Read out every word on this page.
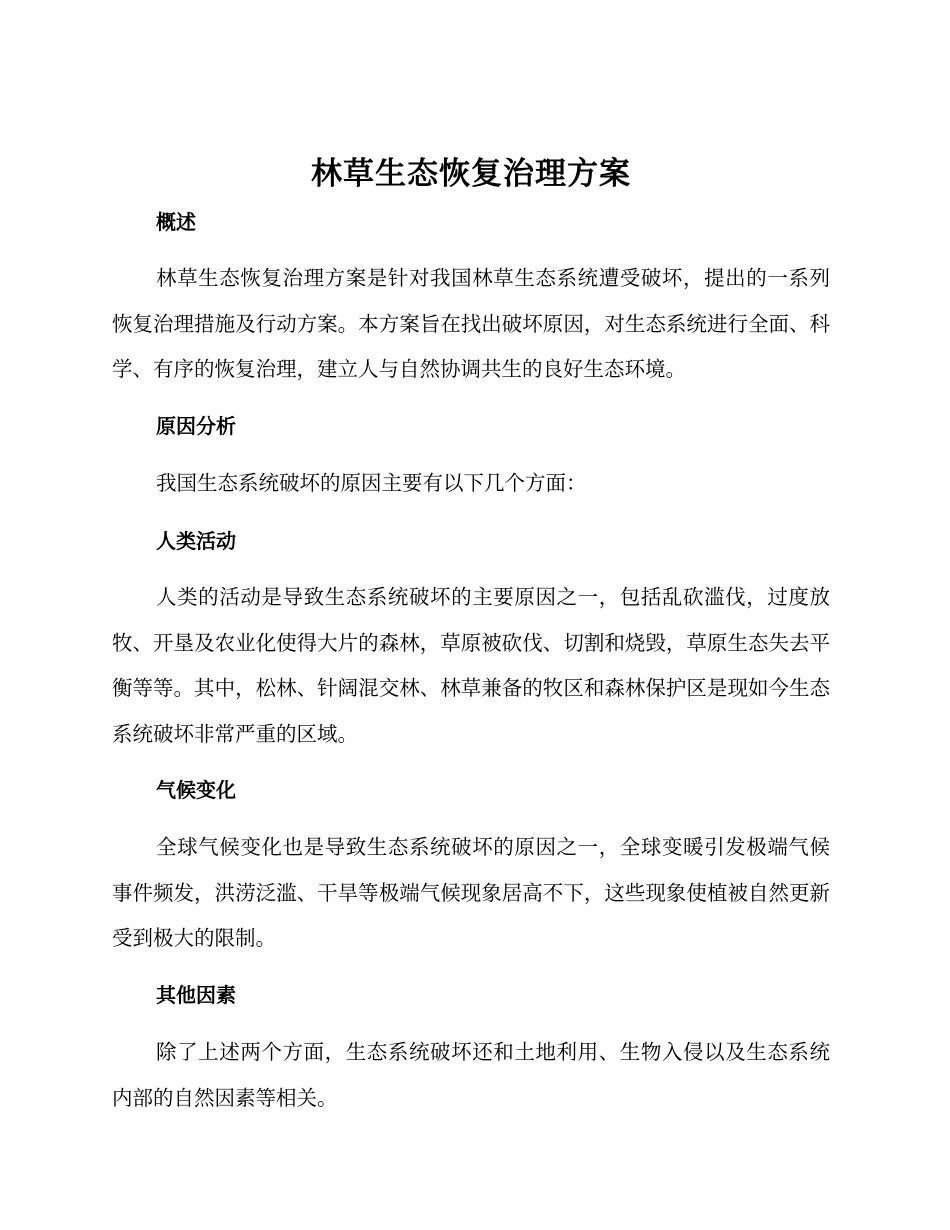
林草生态恢复治理方案
概述

林草生态恢复治理方案是针对我国林草生态系统遭受破坏，提出的一系列恢复治理措施及行动方案。本方案旨在找出破坏原因，对生态系统进行全面、科学、有序的恢复治理，建立人与自然协调共生的良好生态环境。

原因分析

我国生态系统破坏的原因主要有以下几个方面：

人类活动

人类的活动是导致生态系统破坏的主要原因之一，包括乱砍滥伐，过度放牧、开垦及农业化使得大片的森林，草原被砍伐、切割和烧毁，草原生态失去平衡等等。其中，松林、针阔混交林、林草兼备的牧区和森林保护区是现如今生态系统破坏非常严重的区域。

气候变化

全球气候变化也是导致生态系统破坏的原因之一，全球变暖引发极端气候事件频发，洪涝泛滥、干旱等极端气候现象居高不下，这些现象使植被自然更新受到极大的限制。

其他因素

除了上述两个方面，生态系统破坏还和土地利用、生物入侵以及生态系统内部的自然因素等相关。
